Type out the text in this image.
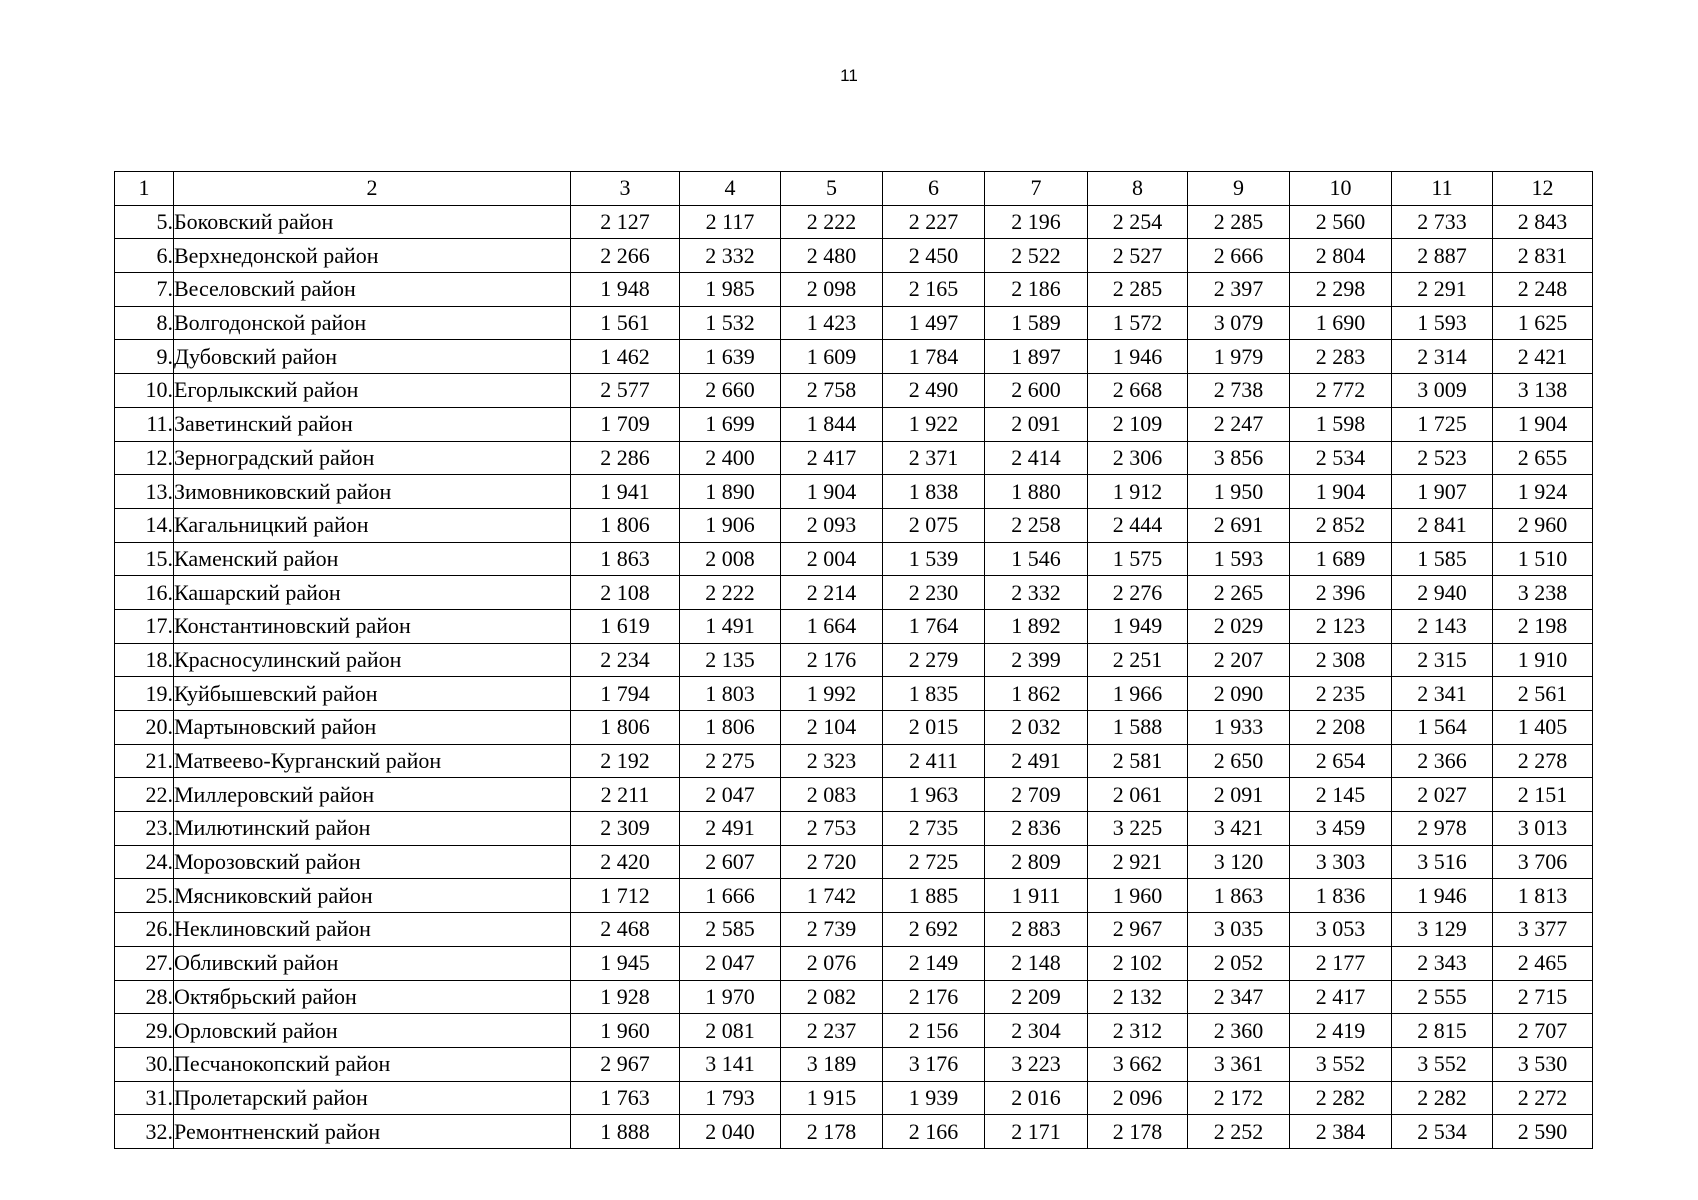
11
1	2	3	4	5	6	7	8	9	10	11	12
5.	Боковский район	2 127	2 117	2 222	2 227	2 196	2 254	2 285	2 560	2 733	2 843
6.	Верхнедонской район	2 266	2 332	2 480	2 450	2 522	2 527	2 666	2 804	2 887	2 831
7.	Веселовский район	1 948	1 985	2 098	2 165	2 186	2 285	2 397	2 298	2 291	2 248
8.	Волгодонской район	1 561	1 532	1 423	1 497	1 589	1 572	3 079	1 690	1 593	1 625
9.	Дубовский район	1 462	1 639	1 609	1 784	1 897	1 946	1 979	2 283	2 314	2 421
10.	Егорлыкский район	2 577	2 660	2 758	2 490	2 600	2 668	2 738	2 772	3 009	3 138
11.	Заветинский район	1 709	1 699	1 844	1 922	2 091	2 109	2 247	1 598	1 725	1 904
12.	Зерноградский район	2 286	2 400	2 417	2 371	2 414	2 306	3 856	2 534	2 523	2 655
13.	Зимовниковский район	1 941	1 890	1 904	1 838	1 880	1 912	1 950	1 904	1 907	1 924
14.	Кагальницкий район	1 806	1 906	2 093	2 075	2 258	2 444	2 691	2 852	2 841	2 960
15.	Каменский район	1 863	2 008	2 004	1 539	1 546	1 575	1 593	1 689	1 585	1 510
16.	Кашарский район	2 108	2 222	2 214	2 230	2 332	2 276	2 265	2 396	2 940	3 238
17.	Константиновский район	1 619	1 491	1 664	1 764	1 892	1 949	2 029	2 123	2 143	2 198
18.	Красносулинский район	2 234	2 135	2 176	2 279	2 399	2 251	2 207	2 308	2 315	1 910
19.	Куйбышевский район	1 794	1 803	1 992	1 835	1 862	1 966	2 090	2 235	2 341	2 561
20.	Мартыновский район	1 806	1 806	2 104	2 015	2 032	1 588	1 933	2 208	1 564	1 405
21.	Матвеево-Курганский район	2 192	2 275	2 323	2 411	2 491	2 581	2 650	2 654	2 366	2 278
22.	Миллеровский район	2 211	2 047	2 083	1 963	2 709	2 061	2 091	2 145	2 027	2 151
23.	Милютинский район	2 309	2 491	2 753	2 735	2 836	3 225	3 421	3 459	2 978	3 013
24.	Морозовский район	2 420	2 607	2 720	2 725	2 809	2 921	3 120	3 303	3 516	3 706
25.	Мясниковский район	1 712	1 666	1 742	1 885	1 911	1 960	1 863	1 836	1 946	1 813
26.	Неклиновский район	2 468	2 585	2 739	2 692	2 883	2 967	3 035	3 053	3 129	3 377
27.	Обливский район	1 945	2 047	2 076	2 149	2 148	2 102	2 052	2 177	2 343	2 465
28.	Октябрьский район	1 928	1 970	2 082	2 176	2 209	2 132	2 347	2 417	2 555	2 715
29.	Орловский район	1 960	2 081	2 237	2 156	2 304	2 312	2 360	2 419	2 815	2 707
30.	Песчанокопский район	2 967	3 141	3 189	3 176	3 223	3 662	3 361	3 552	3 552	3 530
31.	Пролетарский район	1 763	1 793	1 915	1 939	2 016	2 096	2 172	2 282	2 282	2 272
32.	Ремонтненский район	1 888	2 040	2 178	2 166	2 171	2 178	2 252	2 384	2 534	2 590
